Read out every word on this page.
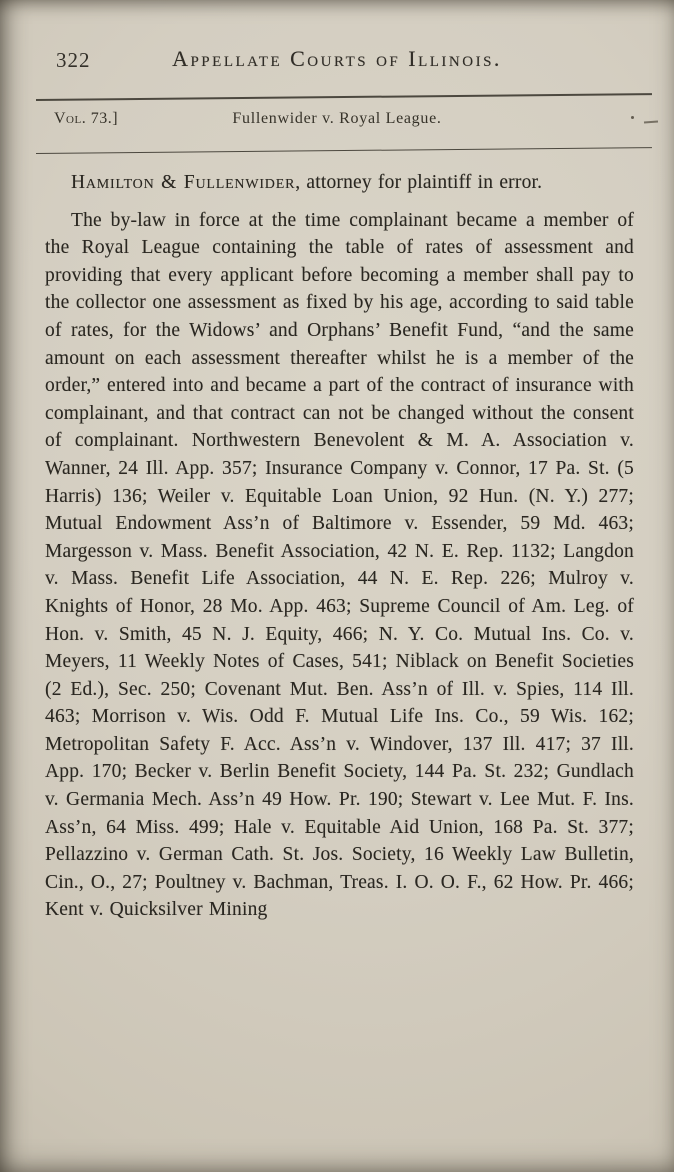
322	Appellate Courts of Illinois.
Vol. 73.]	Fullenwider v. Royal League.

Hamilton & Fullenwider, attorney for plaintiff in error.

The by-law in force at the time complainant became a member of the Royal League containing the table of rates of assessment and providing that every applicant before becoming a member shall pay to the collector one assessment as fixed by his age, according to said table of rates, for the Widows’ and Orphans’ Benefit Fund, “and the same amount on each assessment thereafter whilst he is a member of the order,” entered into and became a part of the contract of insurance with complainant, and that contract can not be changed without the consent of complainant. Northwestern Benevolent & M. A. Association v. Wanner, 24 Ill. App. 357; Insurance Company v. Connor, 17 Pa. St. (5 Harris) 136; Weiler v. Equitable Loan Union, 92 Hun. (N. Y.) 277; Mutual Endowment Ass’n of Baltimore v. Essender, 59 Md. 463; Margesson v. Mass. Benefit Association, 42 N. E. Rep. 1132; Langdon v. Mass. Benefit Life Association, 44 N. E. Rep. 226; Mulroy v. Knights of Honor, 28 Mo. App. 463; Supreme Council of Am. Leg. of Hon. v. Smith, 45 N. J. Equity, 466; N. Y. Co. Mutual Ins. Co. v. Meyers, 11 Weekly Notes of Cases, 541; Niblack on Benefit Societies (2 Ed.), Sec. 250; Covenant Mut. Ben. Ass’n of Ill. v. Spies, 114 Ill. 463; Morrison v. Wis. Odd F. Mutual Life Ins. Co., 59 Wis. 162; Metropolitan Safety F. Acc. Ass’n v. Windover, 137 Ill. 417; 37 Ill. App. 170; Becker v. Berlin Benefit Society, 144 Pa. St. 232; Gundlach v. Germania Mech. Ass’n 49 How. Pr. 190; Stewart v. Lee Mut. F. Ins. Ass’n, 64 Miss. 499; Hale v. Equitable Aid Union, 168 Pa. St. 377; Pellazzino v. German Cath. St. Jos. Society, 16 Weekly Law Bulletin, Cin., O., 27; Poultney v. Bachman, Treas. I. O. O. F., 62 How. Pr. 466; Kent v. Quicksilver Mining
